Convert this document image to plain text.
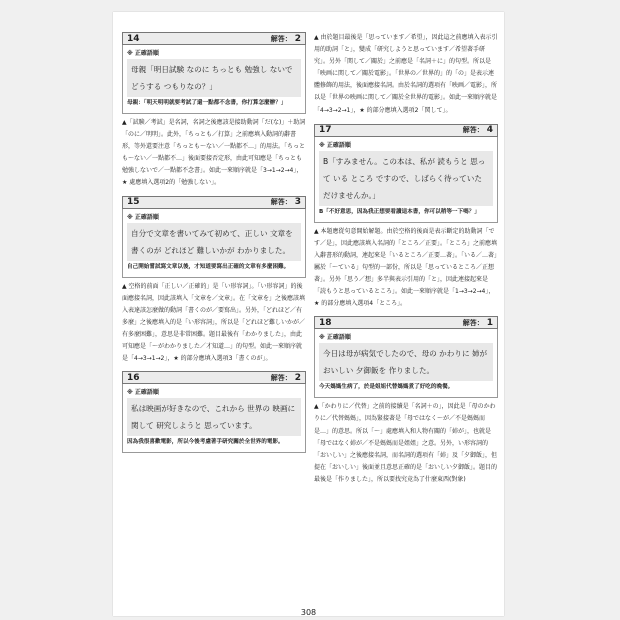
14	解答： 2
※ 正確語順
母親「明日試験 なのに ちっとも 勉強し ないで どうする つもりなの？」
母親：「明天明明就要考試了還一點都不念書，你打算怎麼辦？」
▲「試験／考試」是名詞，名詞之後應該是接助動詞「だ(な)」＋助詞「のに／明明」。此外，「ちっとも／打算」之前應填入動詞的辭書形，等外還要注意「ちっとも〜ない／一點都不…」的用法。「ちっとも〜ない／一點都不…」後面要接否定形，由此可知應是「ちっとも勉強しないで／一點都不念書」。如此一來順序就是「3→1→2→4」，★ 處應填入選項2的「勉強しない」。
15	解答： 3
※ 正確語順
自分で文章を書いてみて初めて、正しい 文章を 書くのが どれほど 難しいかが わかりました。
自己開始嘗試寫文章以後，才知道要寫出正確的文章有多麼困難。
▲ 空格的前面「正しい／正確的」是「い形容詞」。「い形容詞」的後面應接名詞，因此該填入「文章を／文章」。在「文章を」之後應該填入表達該怎麼做的動詞「書くのが／要寫出」。另外，「どれほど／有多麼」之後應填入的是「い形容詞」，所以是「どれほど難しいかが／有多麼困難」，意思是非常困難。題目最後有「わかりました」，由此可知應是「〜がわかりました／才知道…」的句型。如此一來順序就是「4→3→1→2」，★ 的部分應填入選項3「書くのが」。
16	解答： 2
※ 正確語順
私は映画が好きなので、これから 世界の 映画に 関して 研究しようと 思っています。
因為我很喜歡電影，所以今後考慮著手研究關於全世界的電影。
▲ 由於題目最後是「思っています／希望」，因此這之前應填入表示引用的助詞「と」，變成「研究しようと思っています／希望著手研究」。另外「関して／關於」之前應是「名詞＋に」的句型。所以是「映画に関して／關於電影」。「世界の／世界的」的「の」是表示連體修飾的用法，後面應接名詞。由於名詞的選項有「映画／電影」，所以是「世界の映画に関して／關於全世界的電影」。如此一來順序就是「4→3→2→1」，★ 的部分應填入選項2「関して」。
17	解答： 4
※ 正確語順
B「すみません。この本は、私が 読もうと 思って いる ところ ですので、しばらく待っていただけませんか。」
B「不好意思，因為我正想要看讀這本書，你可以稍等一下嗎？」
▲ 本題應從句意開始解題。由於空格的後面是表示斷定的助動詞「です／是」，因此應該填入名詞的「ところ／正要」。「ところ」之前應填入辭書形的動詞，連起來是「いるところ／正要…著」。「いる／…著」屬於「〜ている」句型的一部份，所以是「思っているところ／正想著」。另外「思う／想」多半與表示引用的「と」，因此連接起來是「読もうと思っているところ」。如此一來順序就是「1→3→2→4」，★ 的部分應填入選項4「ところ」。
18	解答： 1
※ 正確語順
今日は母が病気でしたので、母の かわりに 姉が おいしい 夕御飯を 作りました。
今天媽媽生病了，於是姐姐代替媽媽煮了好吃的晚餐。
▲「かわりに／代替」之前的接續是「名詞＋の」，因此是「母のかわりに／代替媽媽」，因為緊接著是「母ではなく〜が／不是媽媽而是…」的意思。所以「〜」處應填入和人物有關的「姉が」，也就是「母ではなく姉が／不是媽媽而是姐姐」之意。另外，い形容詞的「おいしい」之後應接名詞，而名詞的選項有「姉」及「夕御飯」，但提在「おいしい」後面並且意思正確的是「おいしい夕御飯」。題目的最後是「作りました」，所以要找究竟為了什麼東西(對象)
308
